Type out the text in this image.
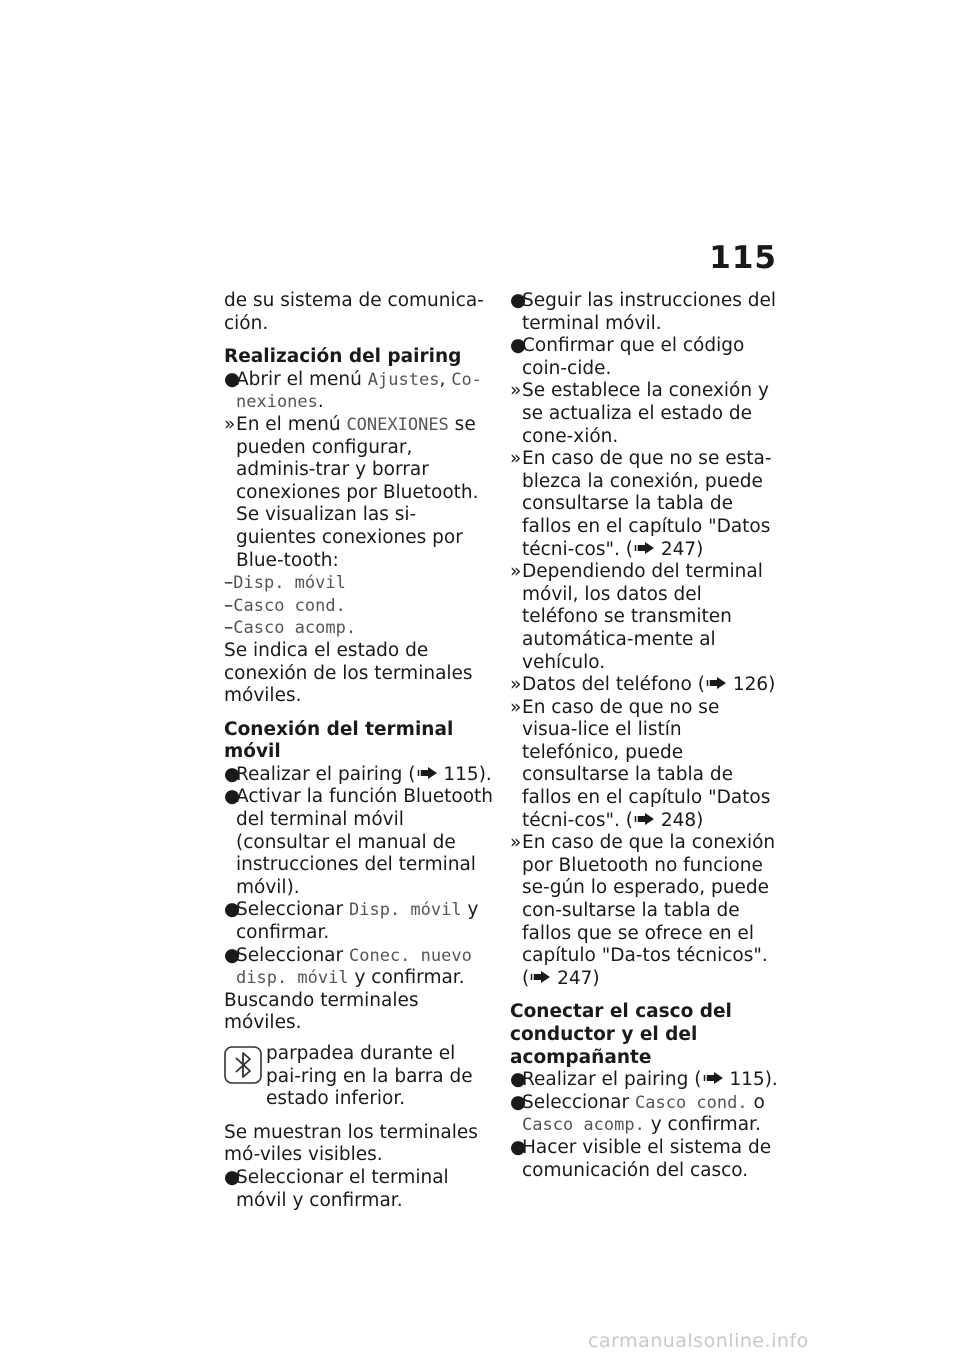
115

de su sistema de comunica-ción.

Realización del pairing

●
Abrir el menú Ajustes, Co-nexiones.

» En el menú CONEXIONES se pueden configurar, adminis-trar y borrar conexiones por Bluetooth. Se visualizan las si-guientes conexiones por Blue-tooth:

–Disp. móvil

–Casco cond.

–Casco acomp.

Se indica el estado de conexión de los terminales móviles.

Conexión del terminal móvil

●
Realizar el pairing ( 115).

●
Activar la función Bluetooth del terminal móvil (consultar el manual de instrucciones del terminal móvil).

●
Seleccionar Disp. móvil y confirmar.

●
Seleccionar Conec. nuevo disp. móvil y confirmar.

Buscando terminales móviles.

parpadea durante el pai-ring en la barra de estado inferior.

Se muestran los terminales mó-viles visibles.

●
Seleccionar el terminal móvil y confirmar.

●
Seguir las instrucciones del terminal móvil.

●
Confirmar que el código coin-cide.

» Se establece la conexión y se actualiza el estado de cone-xión.

» En caso de que no se esta-blezca la conexión, puede consultarse la tabla de fallos en el capítulo "Datos técni-cos". ( 247)

» Dependiendo del terminal móvil, los datos del teléfono se transmiten automática-mente al vehículo.

» Datos del teléfono ( 126)

» En caso de que no se visua-lice el listín telefónico, puede consultarse la tabla de fallos en el capítulo "Datos técni-cos". ( 248)

» En caso de que la conexión por Bluetooth no funcione se-gún lo esperado, puede con-sultarse la tabla de fallos que se ofrece en el capítulo "Da-tos técnicos". ( 247)

Conectar el casco del conductor y el del acompañante

●
Realizar el pairing ( 115).

●
Seleccionar Casco cond. o Casco acomp. y confirmar.

●
Hacer visible el sistema de comunicación del casco.

carmanualsonline.info
